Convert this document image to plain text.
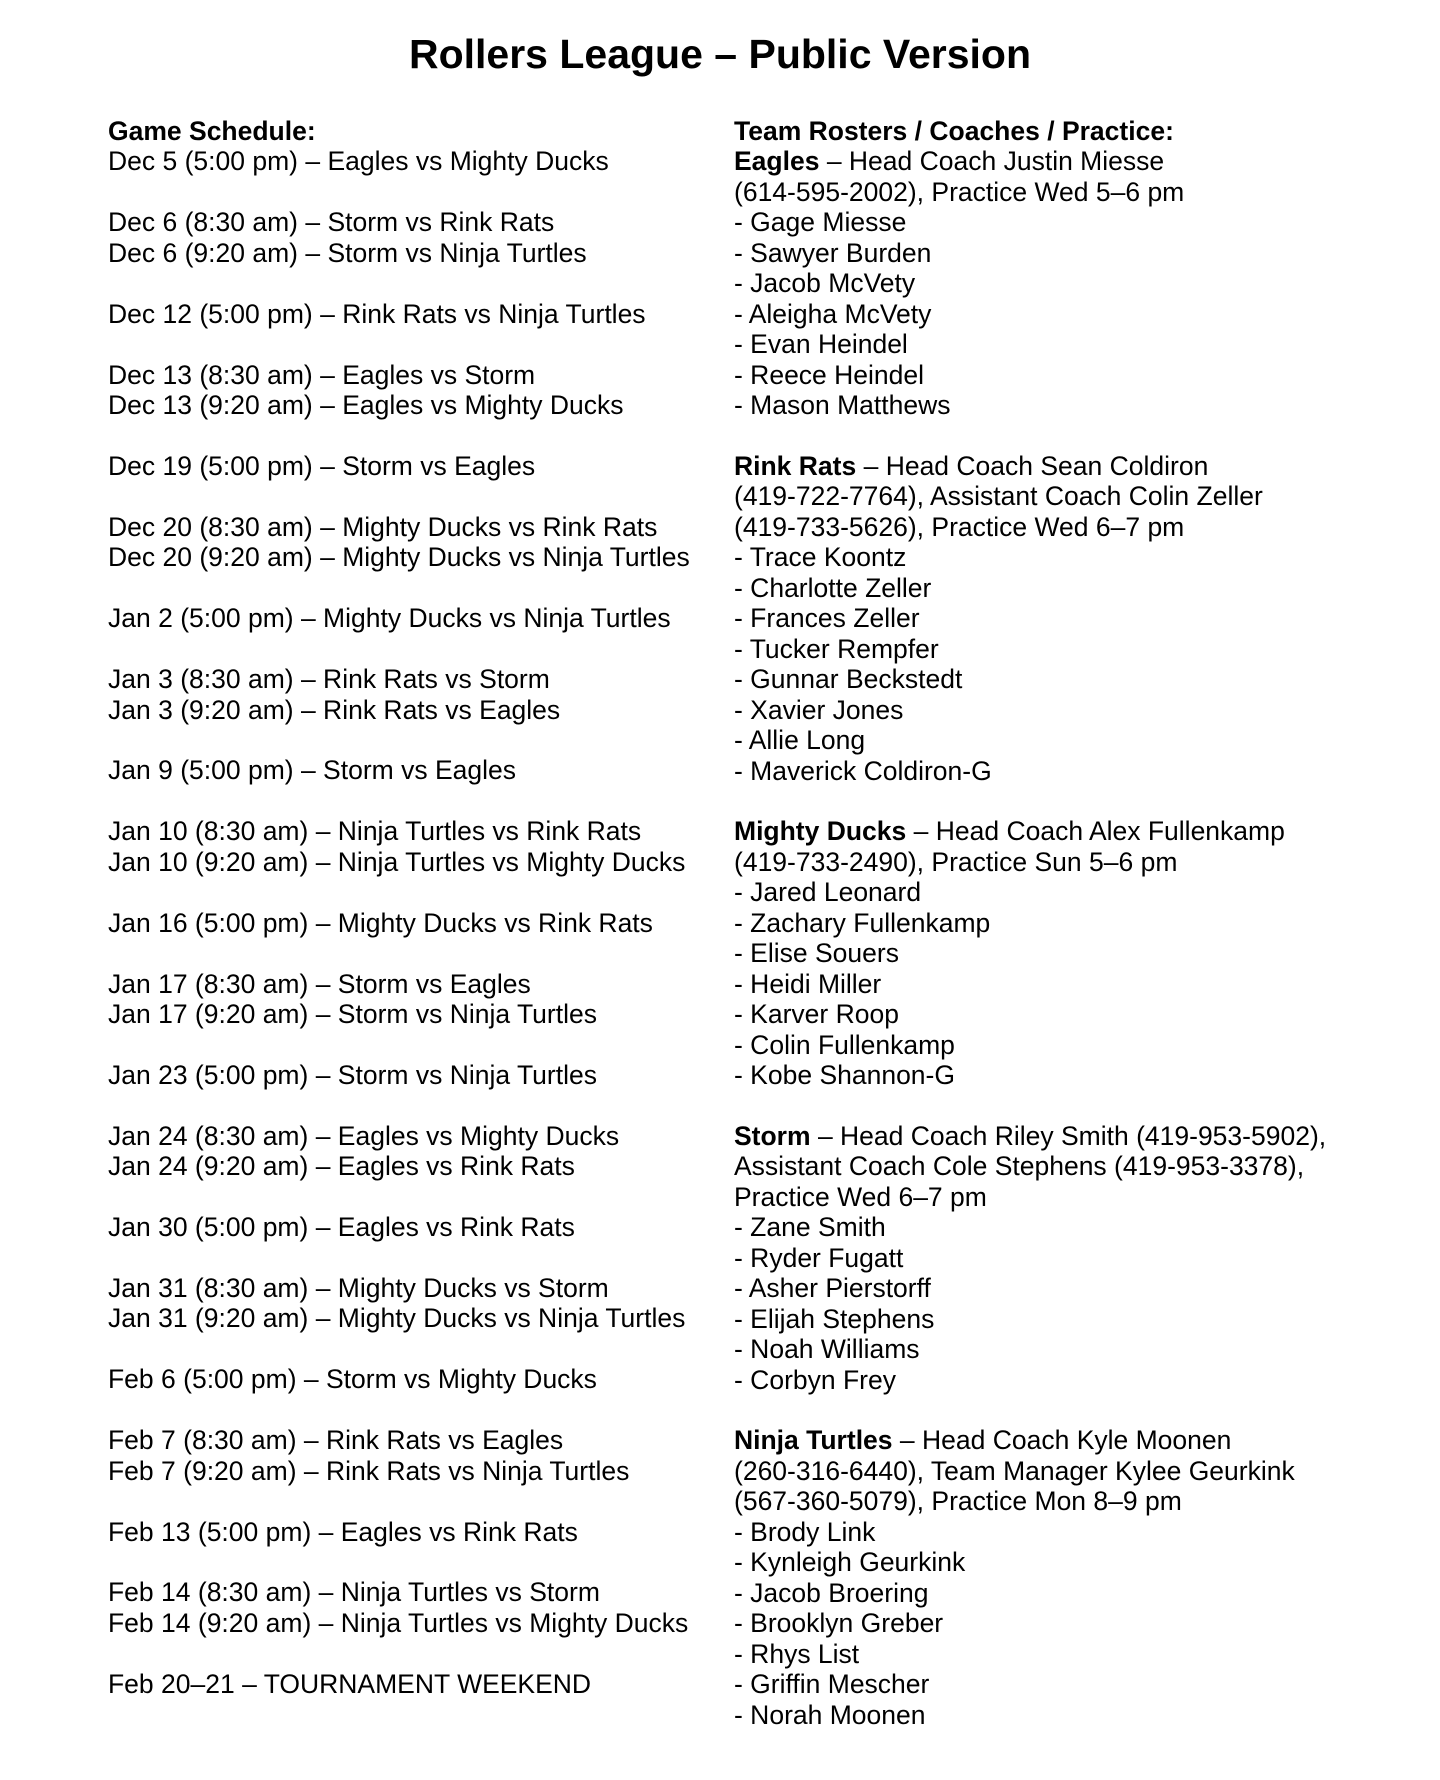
Rollers League – Public Version
Game Schedule:
Dec 5 (5:00 pm) – Eagles vs Mighty Ducks
Dec 6 (8:30 am) – Storm vs Rink Rats
Dec 6 (9:20 am) – Storm vs Ninja Turtles
Dec 12 (5:00 pm) – Rink Rats vs Ninja Turtles
Dec 13 (8:30 am) – Eagles vs Storm
Dec 13 (9:20 am) – Eagles vs Mighty Ducks
Dec 19 (5:00 pm) – Storm vs Eagles
Dec 20 (8:30 am) – Mighty Ducks vs Rink Rats
Dec 20 (9:20 am) – Mighty Ducks vs Ninja Turtles
Jan 2 (5:00 pm) – Mighty Ducks vs Ninja Turtles
Jan 3 (8:30 am) – Rink Rats vs Storm
Jan 3 (9:20 am) – Rink Rats vs Eagles
Jan 9 (5:00 pm) – Storm vs Eagles
Jan 10 (8:30 am) – Ninja Turtles vs Rink Rats
Jan 10 (9:20 am) – Ninja Turtles vs Mighty Ducks
Jan 16 (5:00 pm) – Mighty Ducks vs Rink Rats
Jan 17 (8:30 am) – Storm vs Eagles
Jan 17 (9:20 am) – Storm vs Ninja Turtles
Jan 23 (5:00 pm) – Storm vs Ninja Turtles
Jan 24 (8:30 am) – Eagles vs Mighty Ducks
Jan 24 (9:20 am) – Eagles vs Rink Rats
Jan 30 (5:00 pm) – Eagles vs Rink Rats
Jan 31 (8:30 am) – Mighty Ducks vs Storm
Jan 31 (9:20 am) – Mighty Ducks vs Ninja Turtles
Feb 6 (5:00 pm) – Storm vs Mighty Ducks
Feb 7 (8:30 am) – Rink Rats vs Eagles
Feb 7 (9:20 am) – Rink Rats vs Ninja Turtles
Feb 13 (5:00 pm) – Eagles vs Rink Rats
Feb 14 (8:30 am) – Ninja Turtles vs Storm
Feb 14 (9:20 am) – Ninja Turtles vs Mighty Ducks
Feb 20–21 – TOURNAMENT WEEKEND
Team Rosters / Coaches / Practice:
Eagles – Head Coach Justin Miesse
(614-595-2002), Practice Wed 5–6 pm
- Gage Miesse
- Sawyer Burden
- Jacob McVety
- Aleigha McVety
- Evan Heindel
- Reece Heindel
- Mason Matthews
Rink Rats – Head Coach Sean Coldiron
(419-722-7764), Assistant Coach Colin Zeller
(419-733-5626), Practice Wed 6–7 pm
- Trace Koontz
- Charlotte Zeller
- Frances Zeller
- Tucker Rempfer
- Gunnar Beckstedt
- Xavier Jones
- Allie Long
- Maverick Coldiron-G
Mighty Ducks – Head Coach Alex Fullenkamp
(419-733-2490), Practice Sun 5–6 pm
- Jared Leonard
- Zachary Fullenkamp
- Elise Souers
- Heidi Miller
- Karver Roop
- Colin Fullenkamp
- Kobe Shannon-G
Storm – Head Coach Riley Smith (419-953-5902),
Assistant Coach Cole Stephens (419-953-3378),
Practice Wed 6–7 pm
- Zane Smith
- Ryder Fugatt
- Asher Pierstorff
- Elijah Stephens
- Noah Williams
- Corbyn Frey
Ninja Turtles – Head Coach Kyle Moonen
(260-316-6440), Team Manager Kylee Geurkink
(567-360-5079), Practice Mon 8–9 pm
- Brody Link
- Kynleigh Geurkink
- Jacob Broering
- Brooklyn Greber
- Rhys List
- Griffin Mescher
- Norah Moonen
